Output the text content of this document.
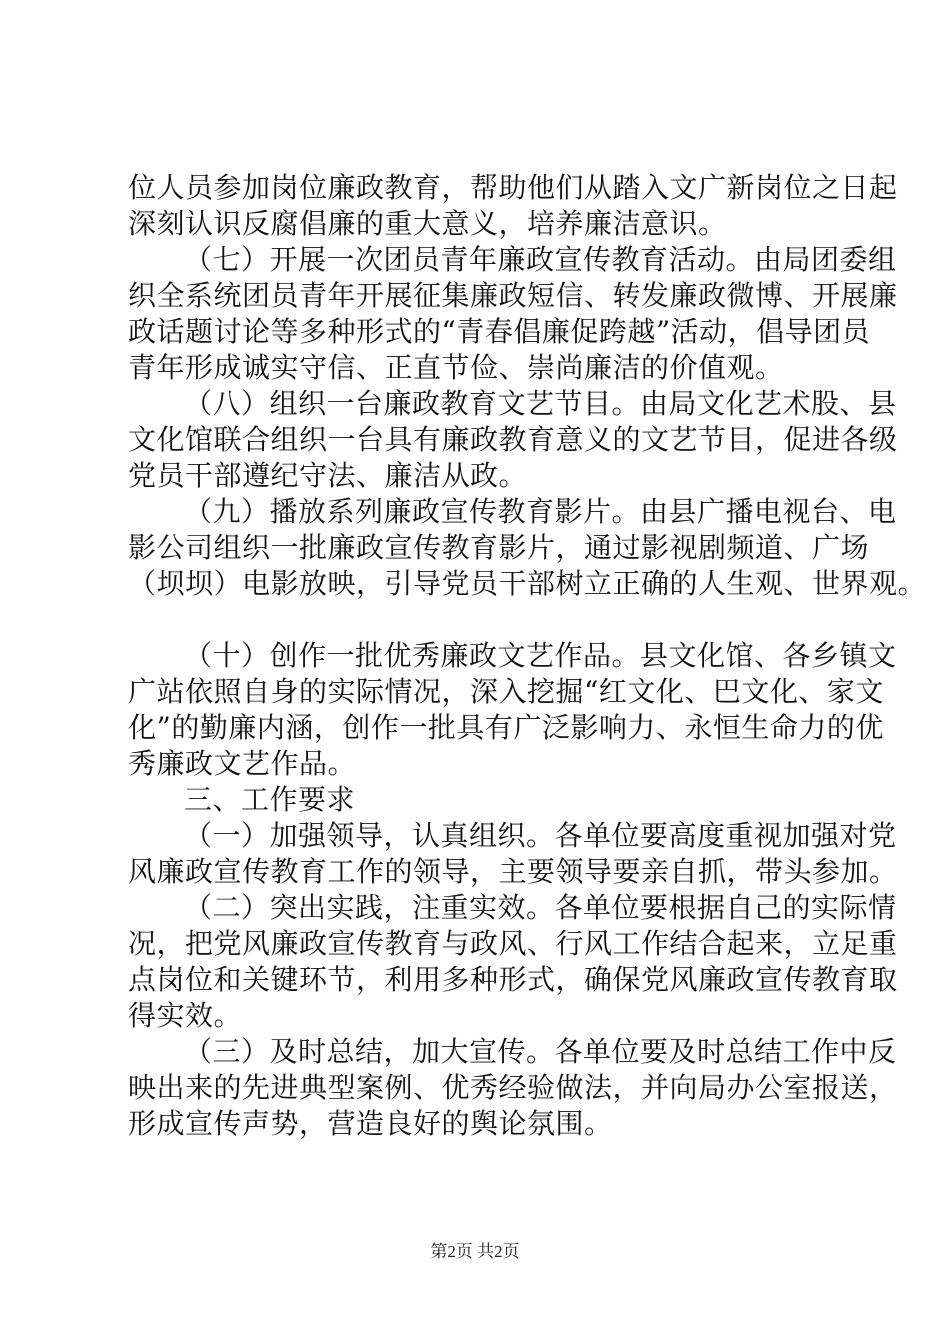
位人员参加岗位廉政教育，帮助他们从踏入文广新岗位之日起
深刻认识反腐倡廉的重大意义，培养廉洁意识。
（七）开展一次团员青年廉政宣传教育活动。由局团委组
织全系统团员青年开展征集廉政短信、转发廉政微博、开展廉
政话题讨论等多种形式的“青春倡廉促跨越”活动，倡导团员
青年形成诚实守信、正直节俭、崇尚廉洁的价值观。
（八）组织一台廉政教育文艺节目。由局文化艺术股、县
文化馆联合组织一台具有廉政教育意义的文艺节目，促进各级
党员干部遵纪守法、廉洁从政。
（九）播放系列廉政宣传教育影片。由县广播电视台、电
影公司组织一批廉政宣传教育影片，通过影视剧频道、广场
（坝坝）电影放映，引导党员干部树立正确的人生观、世界观。
（十）创作一批优秀廉政文艺作品。县文化馆、各乡镇文
广站依照自身的实际情况，深入挖掘“红文化、巴文化、家文
化”的勤廉内涵，创作一批具有广泛影响力、永恒生命力的优
秀廉政文艺作品。
三、工作要求
（一）加强领导，认真组织。各单位要高度重视加强对党
风廉政宣传教育工作的领导，主要领导要亲自抓，带头参加。
（二）突出实践，注重实效。各单位要根据自己的实际情
况，把党风廉政宣传教育与政风、行风工作结合起来，立足重
点岗位和关键环节，利用多种形式，确保党风廉政宣传教育取
得实效。
（三）及时总结，加大宣传。各单位要及时总结工作中反
映出来的先进典型案例、优秀经验做法，并向局办公室报送，
形成宣传声势，营造良好的舆论氛围。
第2页 共2页
